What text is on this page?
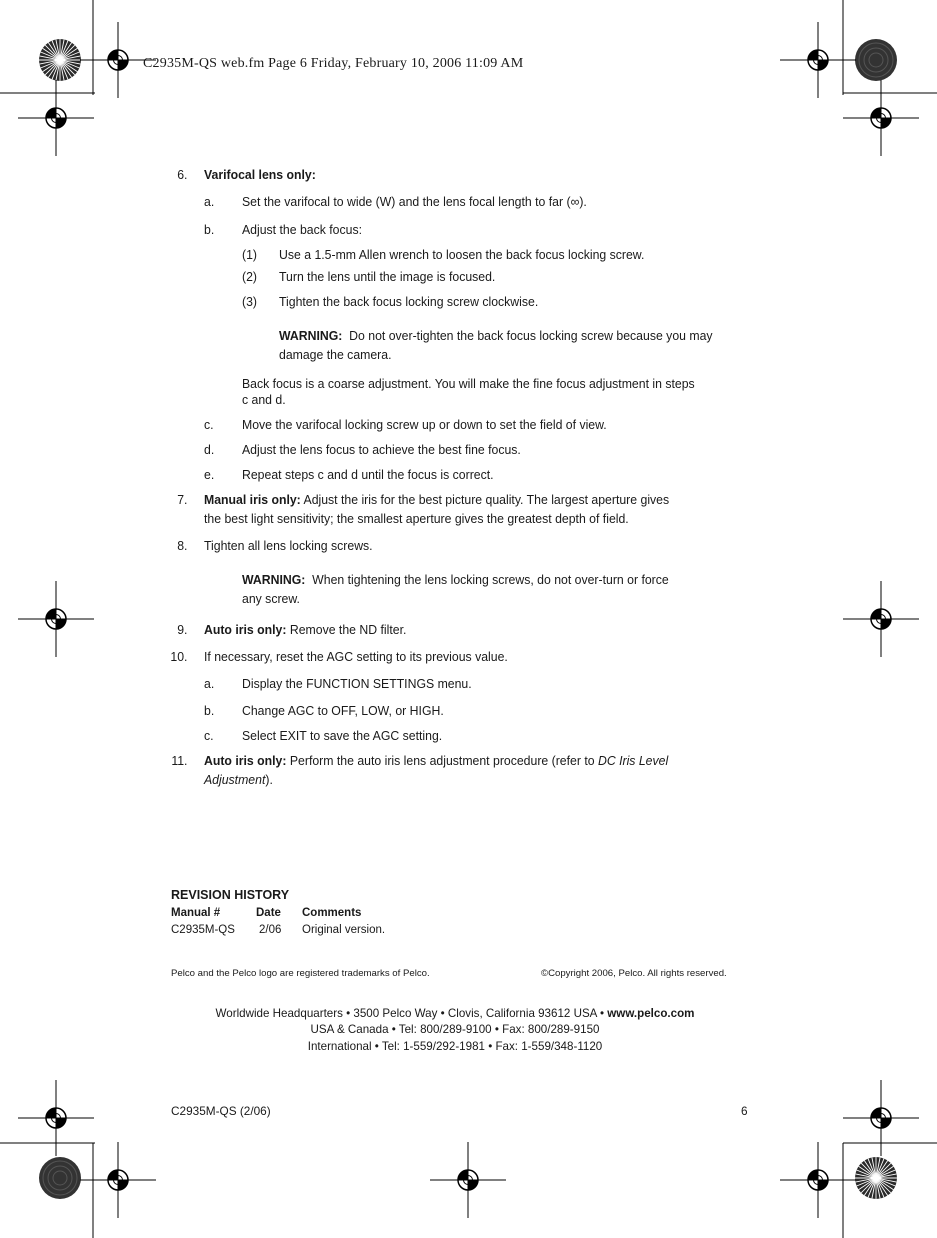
C2935M-QS web.fm Page 6 Friday, February 10, 2006 11:09 AM
6. Varifocal lens only:
a. Set the varifocal to wide (W) and the lens focal length to far (∞).
b. Adjust the back focus:
(1) Use a 1.5-mm Allen wrench to loosen the back focus locking screw.
(2) Turn the lens until the image is focused.
(3) Tighten the back focus locking screw clockwise.
WARNING: Do not over-tighten the back focus locking screw because you may
damage the camera.
Back focus is a coarse adjustment. You will make the fine focus adjustment in steps
c and d.
c. Move the varifocal locking screw up or down to set the field of view.
d. Adjust the lens focus to achieve the best fine focus.
e. Repeat steps c and d until the focus is correct.
7. Manual iris only: Adjust the iris for the best picture quality. The largest aperture gives
the best light sensitivity; the smallest aperture gives the greatest depth of field.
8. Tighten all lens locking screws.
WARNING: When tightening the lens locking screws, do not over-turn or force
any screw.
9. Auto iris only: Remove the ND filter.
10. If necessary, reset the AGC setting to its previous value.
a. Display the FUNCTION SETTINGS menu.
b. Change AGC to OFF, LOW, or HIGH.
c. Select EXIT to save the AGC setting.
11. Auto iris only: Perform the auto iris lens adjustment procedure (refer to DC Iris Level
Adjustment).
REVISION HISTORY
Manual #	Date Comments
C2935M-QS 2/06 Original version.
Pelco and the Pelco logo are registered trademarks of Pelco.	©Copyright 2006, Pelco. All rights reserved.
Worldwide Headquarters • 3500 Pelco Way • Clovis, California 93612 USA • www.pelco.com
USA & Canada • Tel: 800/289-9100 • Fax: 800/289-9150
International • Tel: 1-559/292-1981 • Fax: 1-559/348-1120
C2935M-QS (2/06)	6
